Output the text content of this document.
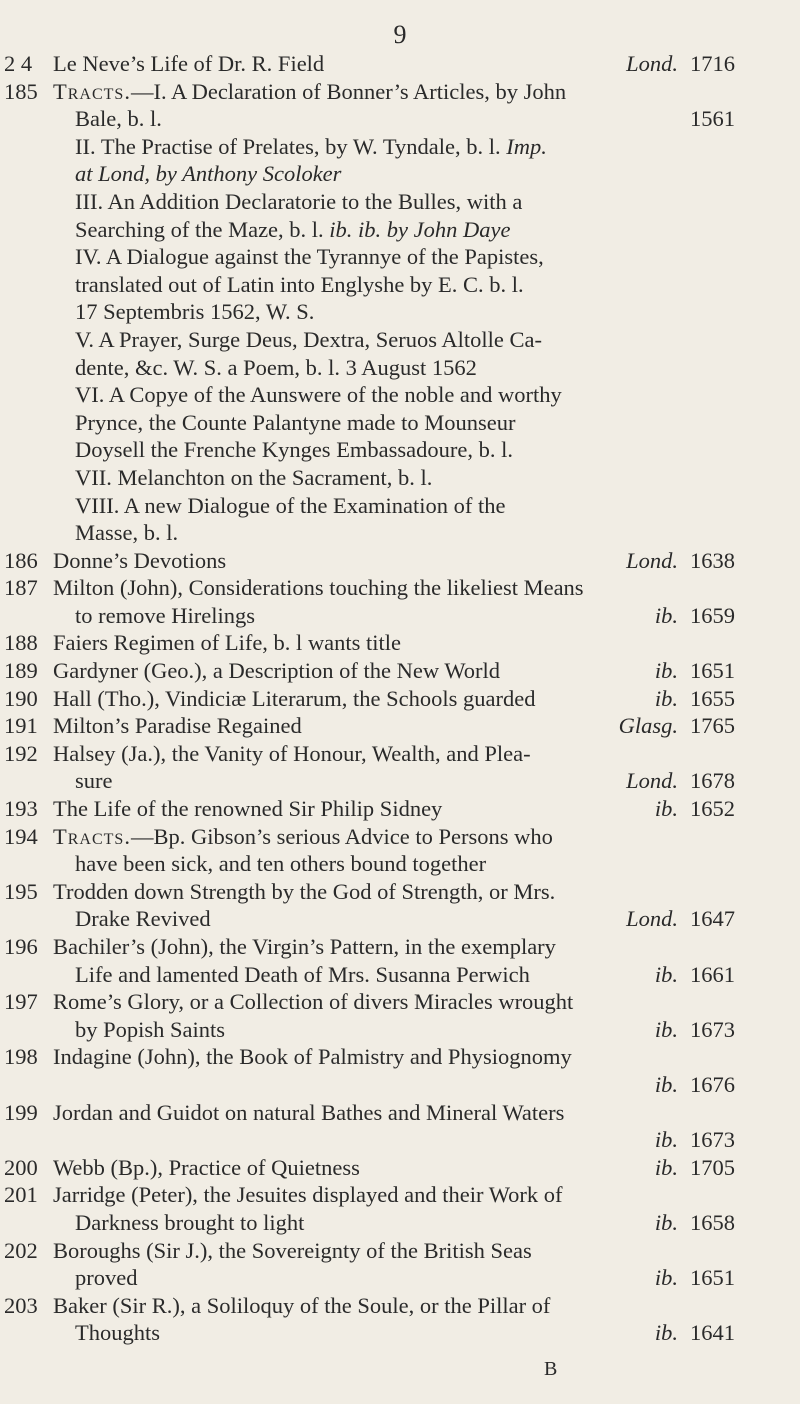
9
2 4 Le Neve’s Life of Dr. R. Field	Lond. 1716
185 Tracts.—I. A Declaration of Bonner’s Articles, by John
Bale, b. l.	1561
II. The Practise of Prelates, by W. Tyndale, b. l. Imp.
at Lond, by Anthony Scoloker
III. An Addition Declaratorie to the Bulles, with a
Searching of the Maze, b. l. ib. ib. by John Daye
IV. A Dialogue against the Tyrannye of the Papistes,
translated out of Latin into Englyshe by E. C. b. l.
17 Septembris 1562, W. S.
V. A Prayer, Surge Deus, Dextra, Seruos Altolle Ca-
dente, &c. W. S. a Poem, b. l. 3 August 1562
VI. A Copye of the Aunswere of the noble and worthy
Prynce, the Counte Palantyne made to Mounseur
Doysell the Frenche Kynges Embassadoure, b. l.
VII. Melanchton on the Sacrament, b. l.
VIII. A new Dialogue of the Examination of the
Masse, b. l.
186 Donne’s Devotions	Lond. 1638
187 Milton (John), Considerations touching the likeliest Means
to remove Hirelings	ib. 1659
188 Faiers Regimen of Life, b. l wants title
189 Gardyner (Geo.), a Description of the New World	ib. 1651
190 Hall (Tho.), Vindiciæ Literarum, the Schools guarded	ib. 1655
191 Milton’s Paradise Regained	Glasg. 1765
192 Halsey (Ja.), the Vanity of Honour, Wealth, and Plea-
sure	Lond. 1678
193 The Life of the renowned Sir Philip Sidney	ib. 1652
194 Tracts.—Bp. Gibson’s serious Advice to Persons who
have been sick, and ten others bound together
195 Trodden down Strength by the God of Strength, or Mrs.
Drake Revived	Lond. 1647
196 Bachiler’s (John), the Virgin’s Pattern, in the exemplary
Life and lamented Death of Mrs. Susanna Perwich	ib. 1661
197 Rome’s Glory, or a Collection of divers Miracles wrought
by Popish Saints	ib. 1673
198 Indagine (John), the Book of Palmistry and Physiognomy
ib. 1676
199 Jordan and Guidot on natural Bathes and Mineral Waters
ib. 1673
200 Webb (Bp.), Practice of Quietness	ib. 1705
201 Jarridge (Peter), the Jesuites displayed and their Work of
Darkness brought to light	ib. 1658
202 Boroughs (Sir J.), the Sovereignty of the British Seas
proved	ib. 1651
203 Baker (Sir R.), a Soliloquy of the Soule, or the Pillar of
Thoughts	ib. 1641
B
